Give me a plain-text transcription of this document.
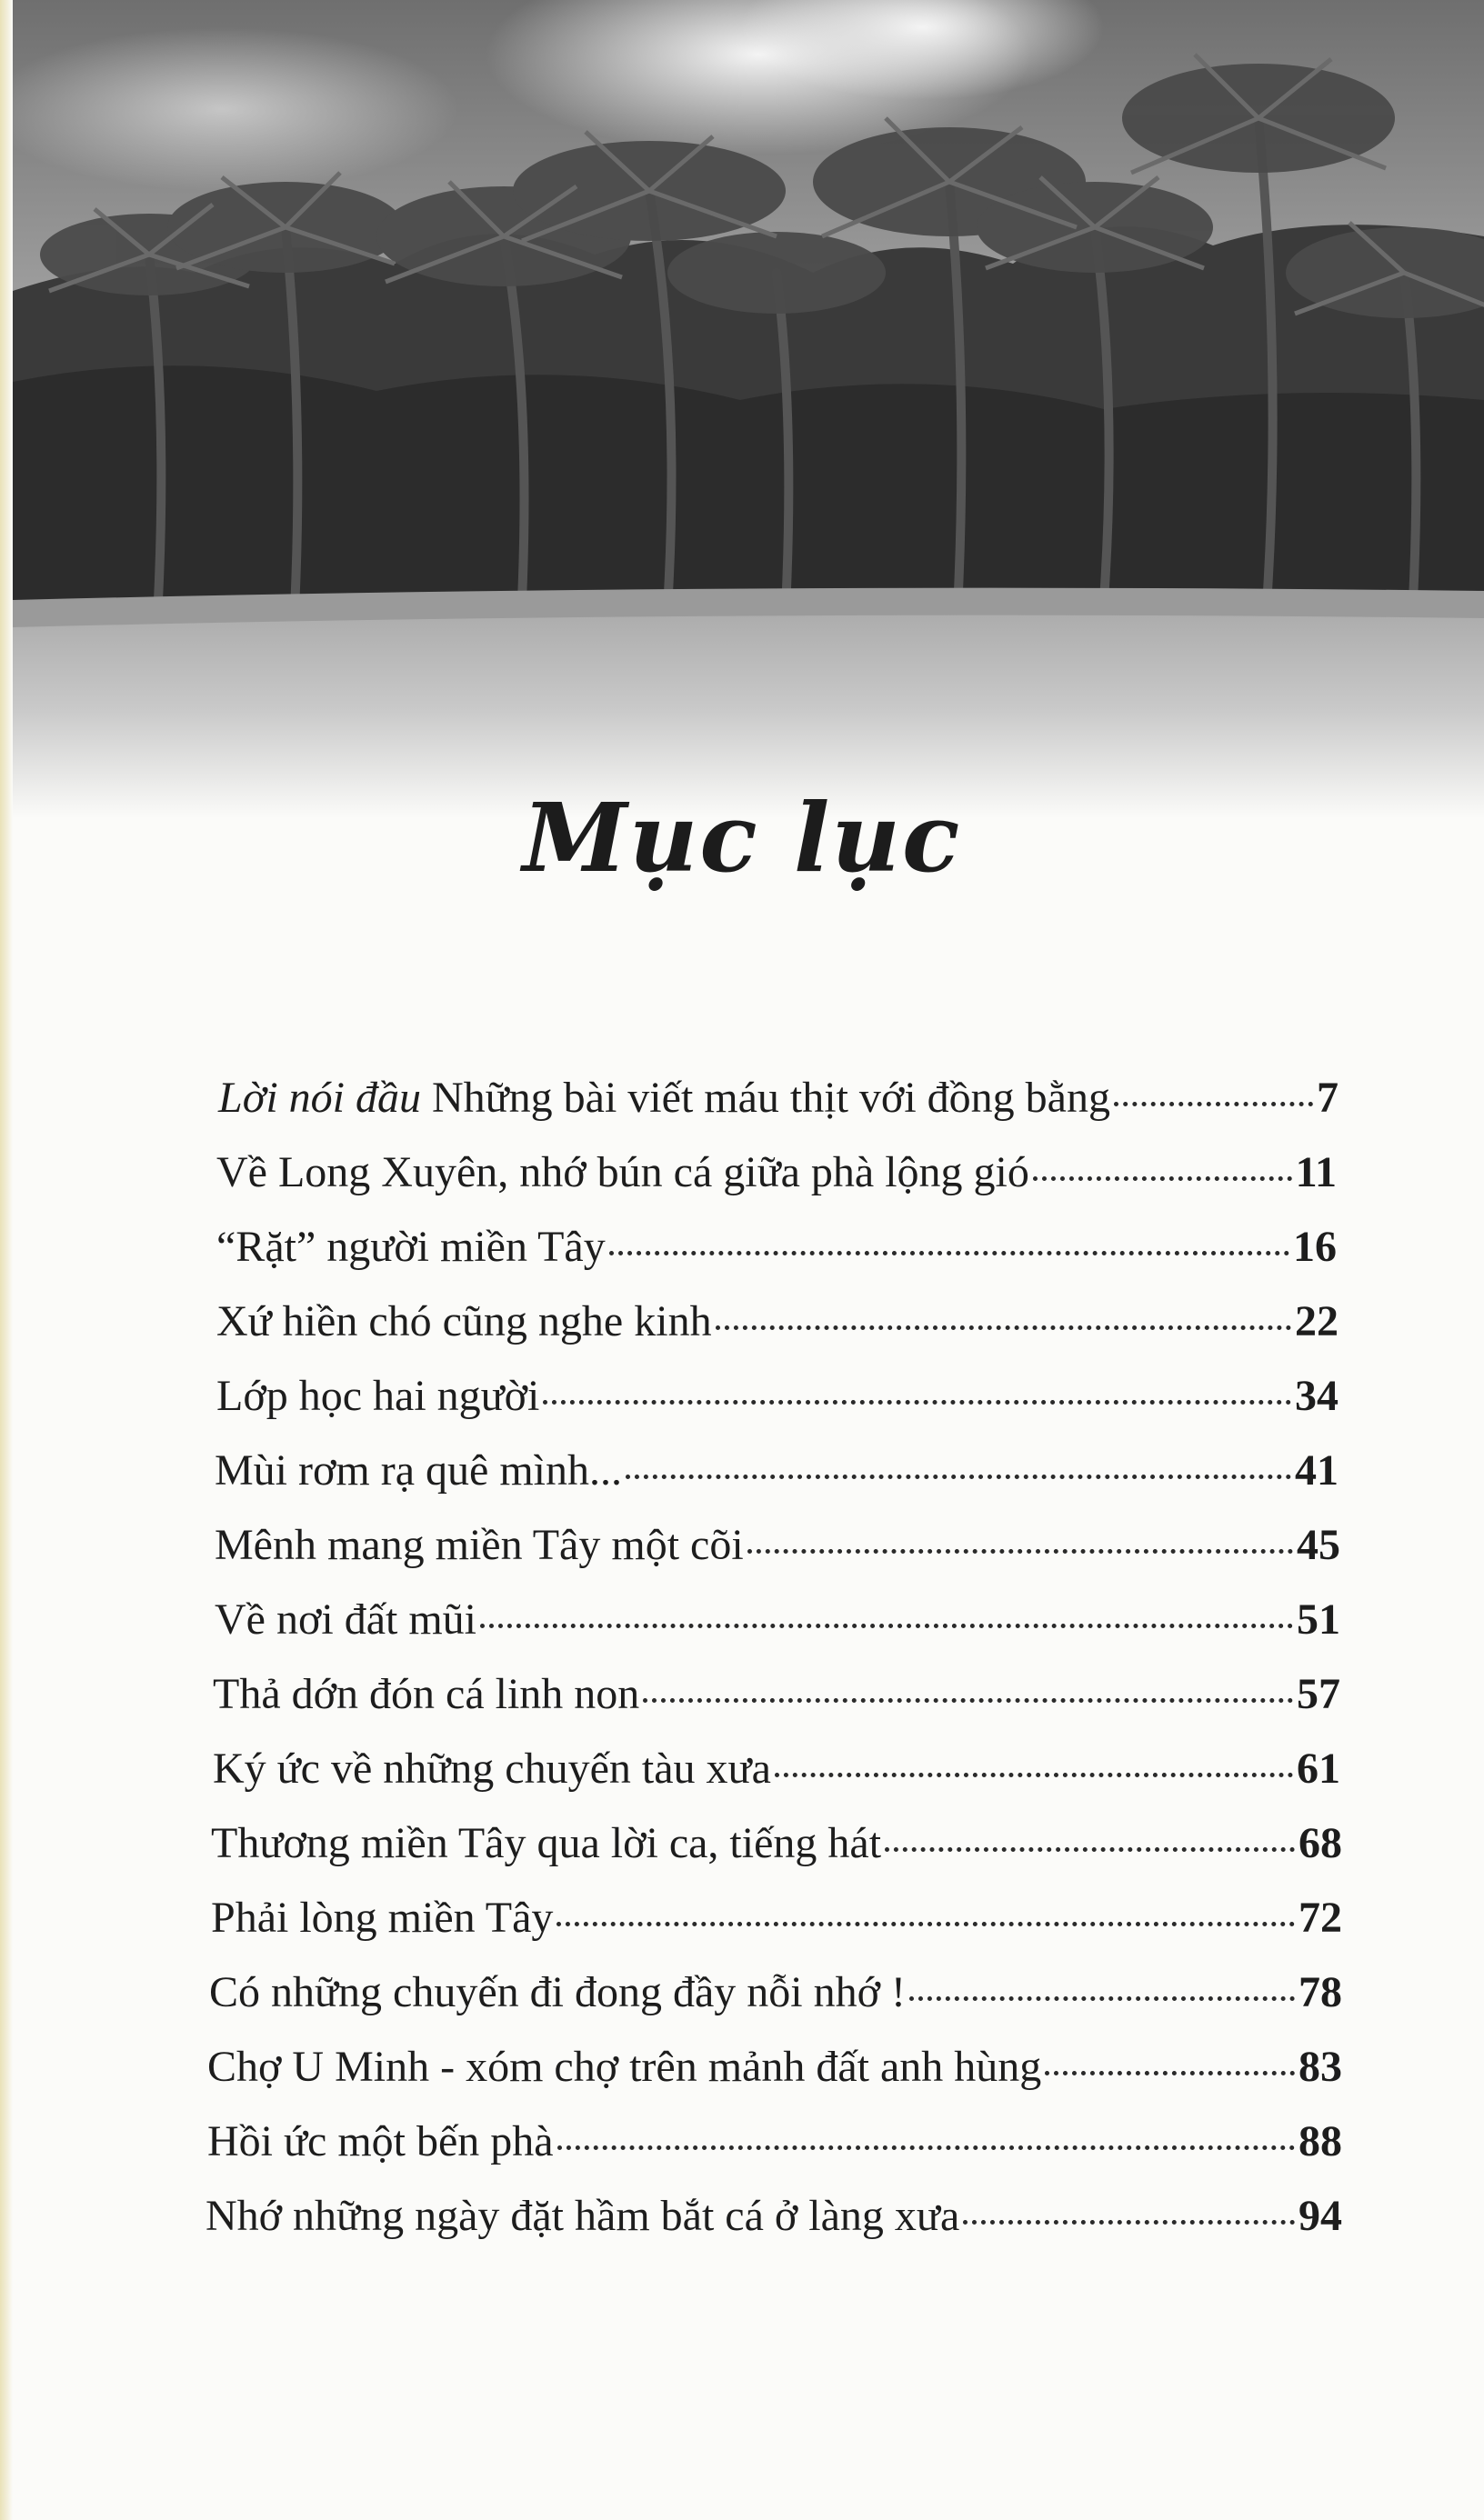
Mục lục
Lời nói đầu Những bài viết máu thịt với đồng bằng	7
Về Long Xuyên, nhớ bún cá giữa phà lộng gió	11
“Rặt” người miền Tây	16
Xứ hiền chó cũng nghe kinh	22
Lớp học hai người	34
Mùi rơm rạ quê mình...	41
Mênh mang miền Tây một cõi	45
Về nơi đất mũi	51
Thả dớn đón cá linh non	57
Ký ức về những chuyến tàu xưa	61
Thương miền Tây qua lời ca, tiếng hát	68
Phải lòng miền Tây	72
Có những chuyến đi đong đầy nỗi nhớ !	78
Chợ U Minh - xóm chợ trên mảnh đất anh hùng	83
Hồi ức một bến phà	88
Nhớ những ngày đặt hầm bắt cá ở làng xưa	94
